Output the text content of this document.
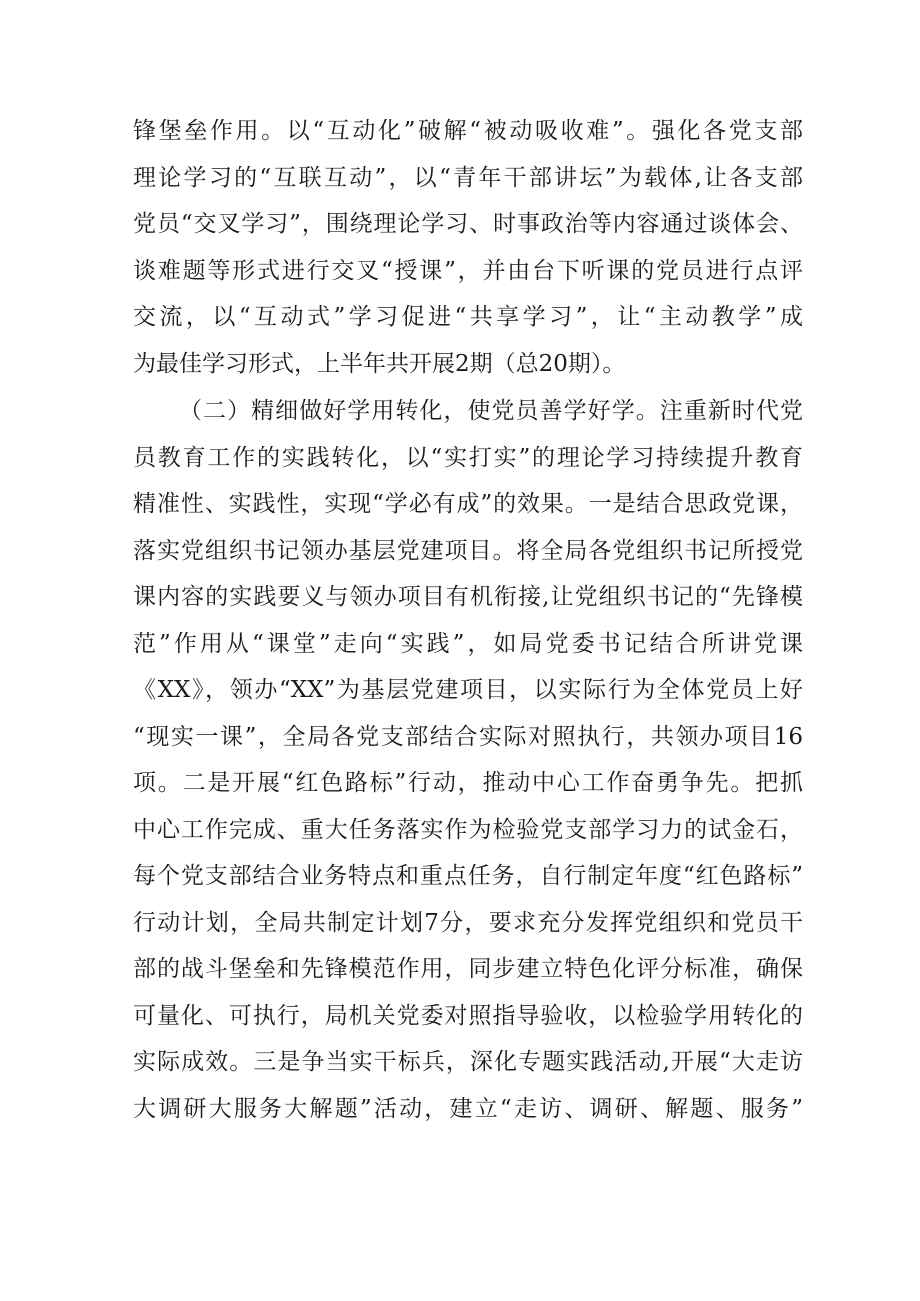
锋堡垒作用。以“互动化”破解“被动吸收难”。强化各党支部
理论学习的“互联互动”，以“青年干部讲坛”为载体,让各支部
党员“交叉学习”，围绕理论学习、时事政治等内容通过谈体会、
谈难题等形式进行交叉“授课”，并由台下听课的党员进行点评
交流，以“互动式”学习促进“共享学习”，让“主动教学”成
为最佳学习形式，上半年共开展2期（总20期）。
（二）精细做好学用转化，使党员善学好学。注重新时代党
员教育工作的实践转化，以“实打实”的理论学习持续提升教育
精准性、实践性，实现“学必有成”的效果。一是结合思政党课，
落实党组织书记领办基层党建项目。将全局各党组织书记所授党
课内容的实践要义与领办项目有机衔接,让党组织书记的“先锋模
范”作用从“课堂”走向“实践”，如局党委书记结合所讲党课
《XX》，领办“XX”为基层党建项目，以实际行为全体党员上好
“现实一课”，全局各党支部结合实际对照执行，共领办项目16
项。二是开展“红色路标”行动，推动中心工作奋勇争先。把抓
中心工作完成、重大任务落实作为检验党支部学习力的试金石，
每个党支部结合业务特点和重点任务，自行制定年度“红色路标”
行动计划，全局共制定计划7分，要求充分发挥党组织和党员干
部的战斗堡垒和先锋模范作用，同步建立特色化评分标准，确保
可量化、可执行，局机关党委对照指导验收，以检验学用转化的
实际成效。三是争当实干标兵，深化专题实践活动,开展“大走访
大调研大服务大解题”活动，建立“走访、调研、解题、服务”
